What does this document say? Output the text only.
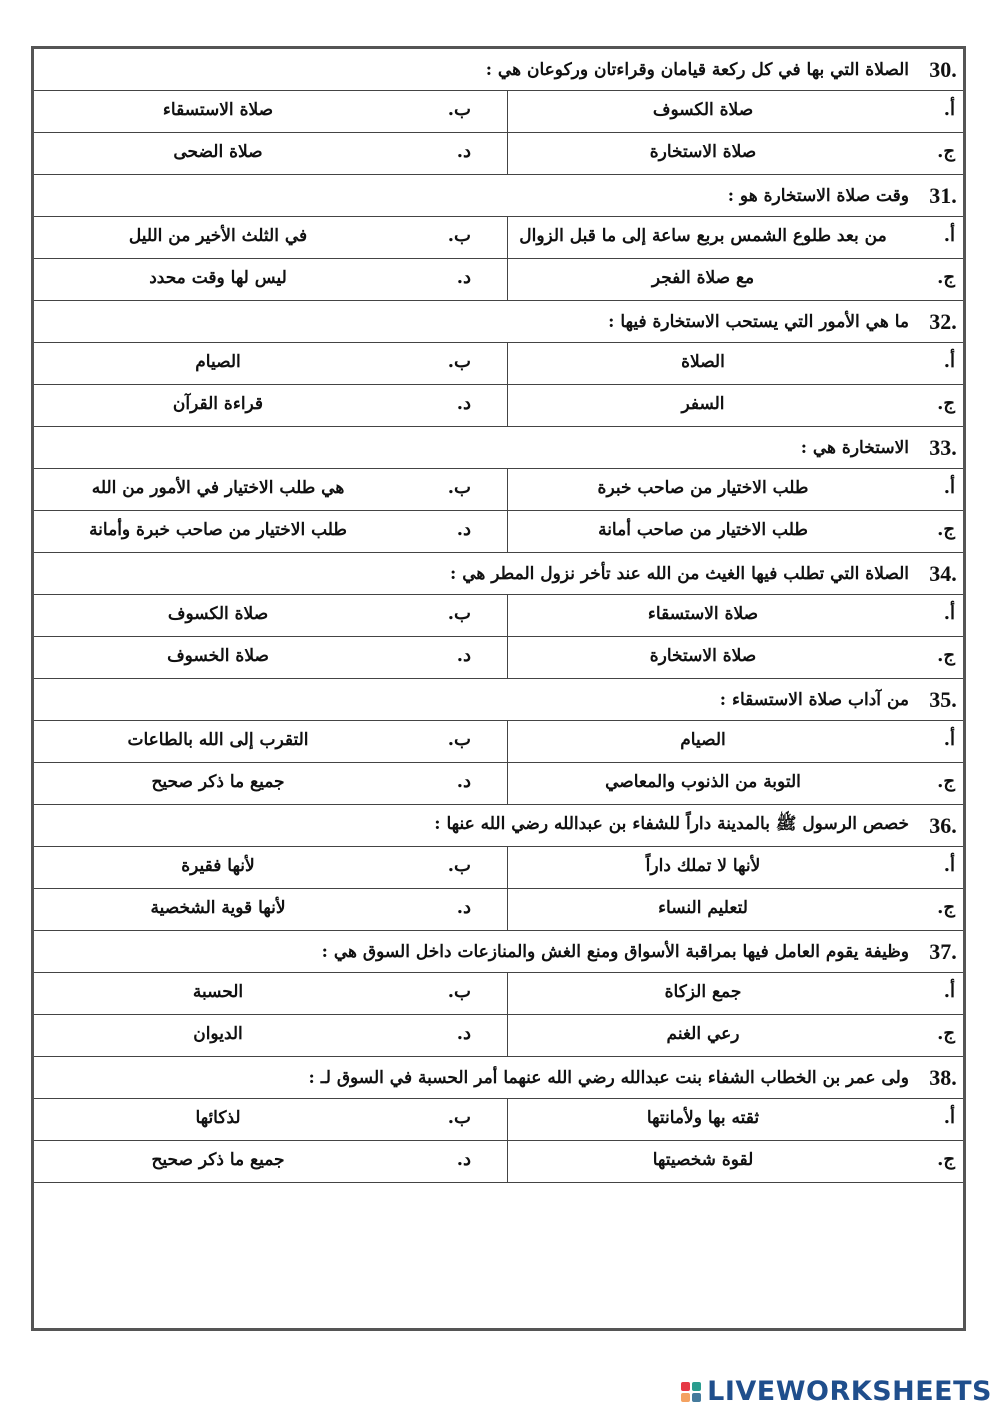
30.
الصلاة التي بها في كل ركعة قيامان وقراءتان وركوعان هي :
أ.
صلاة الكسوف
ب.
صلاة الاستسقاء
ج.
صلاة الاستخارة
د.
صلاة الضحى
31.
وقت صلاة الاستخارة هو :
أ.
من بعد طلوع الشمس بربع ساعة إلى ما قبل الزوال
ب.
في الثلث الأخير من الليل
ج.
مع صلاة الفجر
د.
ليس لها وقت محدد
32.
ما هي الأمور التي يستحب الاستخارة فيها :
أ.
الصلاة
ب.
الصيام
ج.
السفر
د.
قراءة القرآن
33.
الاستخارة هي :
أ.
طلب الاختيار من صاحب خبرة
ب.
هي طلب الاختيار في الأمور من الله
ج.
طلب الاختيار من صاحب أمانة
د.
طلب الاختيار من صاحب خبرة وأمانة
34.
الصلاة التي تطلب فيها الغيث من الله عند تأخر نزول المطر هي :
أ.
صلاة الاستسقاء
ب.
صلاة الكسوف
ج.
صلاة الاستخارة
د.
صلاة الخسوف
35.
من آداب صلاة الاستسقاء :
أ.
الصيام
ب.
التقرب إلى الله بالطاعات
ج.
التوبة من الذنوب والمعاصي
د.
جميع ما ذكر صحيح
36.
خصص الرسول ﷺ بالمدينة داراً للشفاء بن عبدالله رضي الله عنها :
أ.
لأنها لا تملك داراً
ب.
لأنها فقيرة
ج.
لتعليم النساء
د.
لأنها قوية الشخصية
37.
وظيفة يقوم العامل فيها بمراقبة الأسواق ومنع الغش والمنازعات داخل السوق هي :
أ.
جمع الزكاة
ب.
الحسبة
ج.
رعي الغنم
د.
الديوان
38.
ولى عمر بن الخطاب الشفاء بنت عبدالله رضي الله عنهما أمر الحسبة في السوق لـ :
أ.
ثقته بها ولأمانتها
ب.
لذكائها
ج.
لقوة شخصيتها
د.
جميع ما ذكر صحيح
LIVEWORKSHEETS
